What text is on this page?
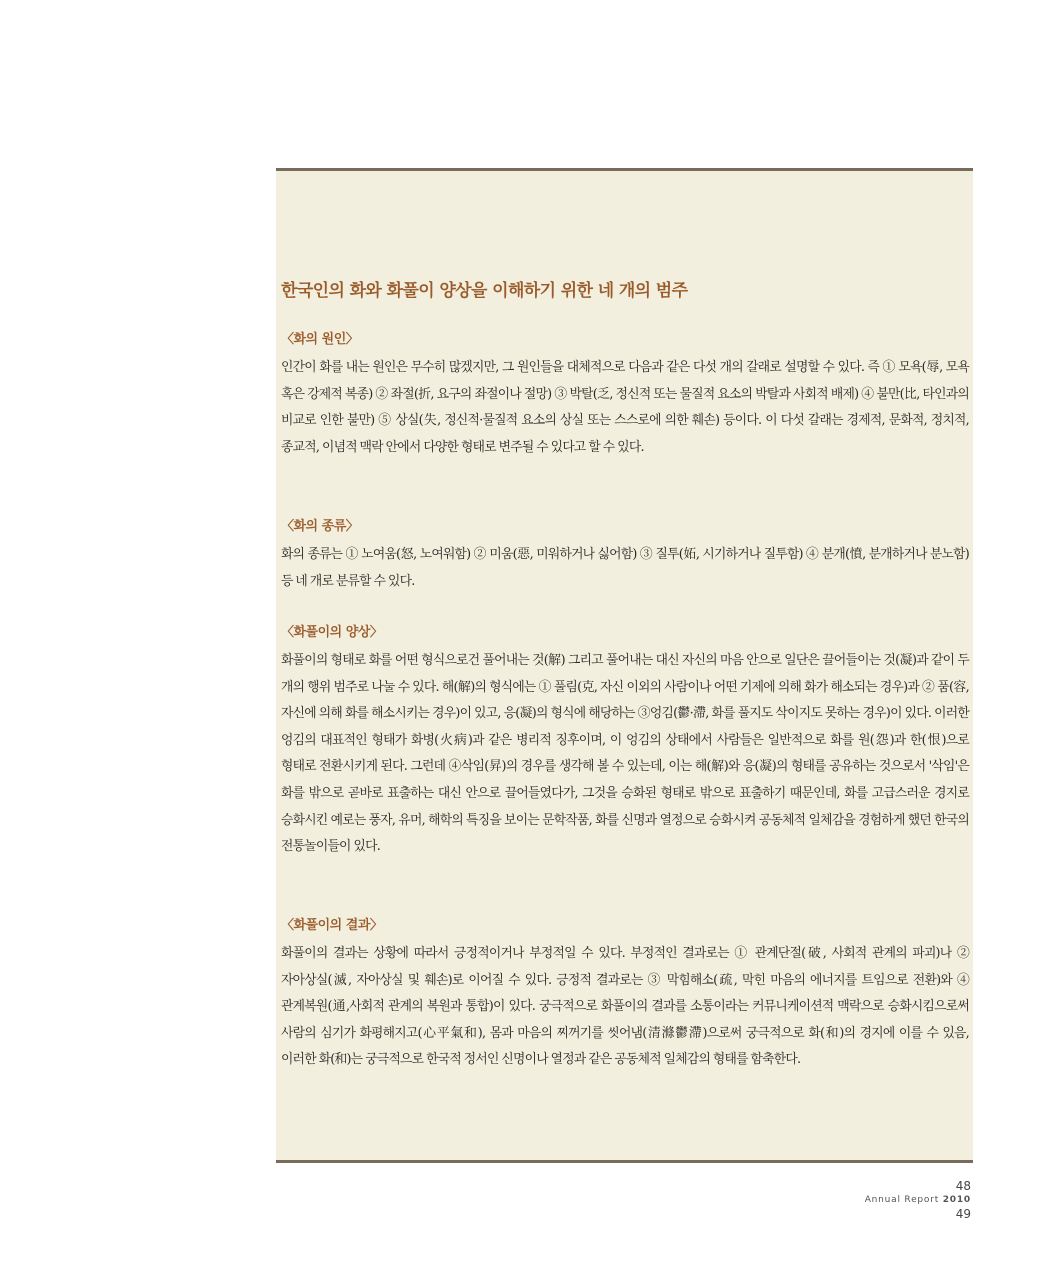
한국인의 화와 화풀이 양상을 이해하기 위한 네 개의 범주
〈화의 원인〉

인간이 화를 내는 원인은 무수히 많겠지만, 그 원인들을 대체적으로 다음과 같은 다섯 개의 갈래로 설명할 수 있다. 즉 ① 모욕(辱, 모욕 혹은 강제적 복종) ② 좌절(折, 요구의 좌절이나 절망) ③ 박탈(乏, 정신적 또는 물질적 요소의 박탈과 사회적 배제) ④ 불만(比, 타인과의 비교로 인한 불만) ⑤ 상실(失, 정신적·물질적 요소의 상실 또는 스스로에 의한 훼손) 등이다. 이 다섯 갈래는 경제적, 문화적, 정치적, 종교적, 이념적 맥락 안에서 다양한 형태로 변주될 수 있다고 할 수 있다.

〈화의 종류〉

화의 종류는 ① 노여움(怒, 노여워함) ② 미움(惡, 미워하거나 싫어함) ③ 질투(妬, 시기하거나 질투함) ④ 분개(憤, 분개하거나 분노함) 등 네 개로 분류할 수 있다.

〈화풀이의 양상〉

화풀이의 형태로 화를 어떤 형식으로건 풀어내는 것(解) 그리고 풀어내는 대신 자신의 마음 안으로 일단은 끌어들이는 것(凝)과 같이 두 개의 행위 범주로 나눌 수 있다. 해(解)의 형식에는 ① 풀림(克, 자신 이외의 사람이나 어떤 기제에 의해 화가 해소되는 경우)과 ② 품(容, 자신에 의해 화를 해소시키는 경우)이 있고, 응(凝)의 형식에 해당하는 ③엉김(鬱·滯, 화를 풀지도 삭이지도 못하는 경우)이 있다. 이러한 엉김의 대표적인 형태가 화병(火病)과 같은 병리적 징후이며, 이 엉김의 상태에서 사람들은 일반적으로 화를 원(怨)과 한(恨)으로 형태로 전환시키게 된다. 그런데 ④삭임(昇)의 경우를 생각해 볼 수 있는데, 이는 해(解)와 응(凝)의 형태를 공유하는 것으로서 '삭임'은 화를 밖으로 곧바로 표출하는 대신 안으로 끌어들였다가, 그것을 승화된 형태로 밖으로 표출하기 때문인데, 화를 고급스러운 경지로 승화시킨 예로는 풍자, 유머, 해학의 특징을 보이는 문학작품, 화를 신명과 열정으로 승화시켜 공동체적 일체감을 경험하게 했던 한국의 전통놀이들이 있다.

〈화풀이의 결과〉

화풀이의 결과는 상황에 따라서 긍정적이거나 부정적일 수 있다. 부정적인 결과로는 ① 관계단절(破, 사회적 관계의 파괴)나 ② 자아상실(滅, 자아상실 및 훼손)로 이어질 수 있다. 긍정적 결과로는 ③ 막힘해소(疏, 막힌 마음의 에너지를 트임으로 전환)와 ④ 관계복원(通,사회적 관계의 복원과 통합)이 있다. 궁극적으로 화풀이의 결과를 소통이라는 커뮤니케이션적 맥락으로 승화시킴으로써 사람의 심기가 화평해지고(心平氣和), 몸과 마음의 찌꺼기를 씻어냄(清滌鬱滯)으로써 궁극적으로 화(和)의 경지에 이를 수 있음, 이러한 화(和)는 궁극적으로 한국적 정서인 신명이나 열정과 같은 공동체적 일체감의 형태를 함축한다.

48
Annual Report 2010
49
